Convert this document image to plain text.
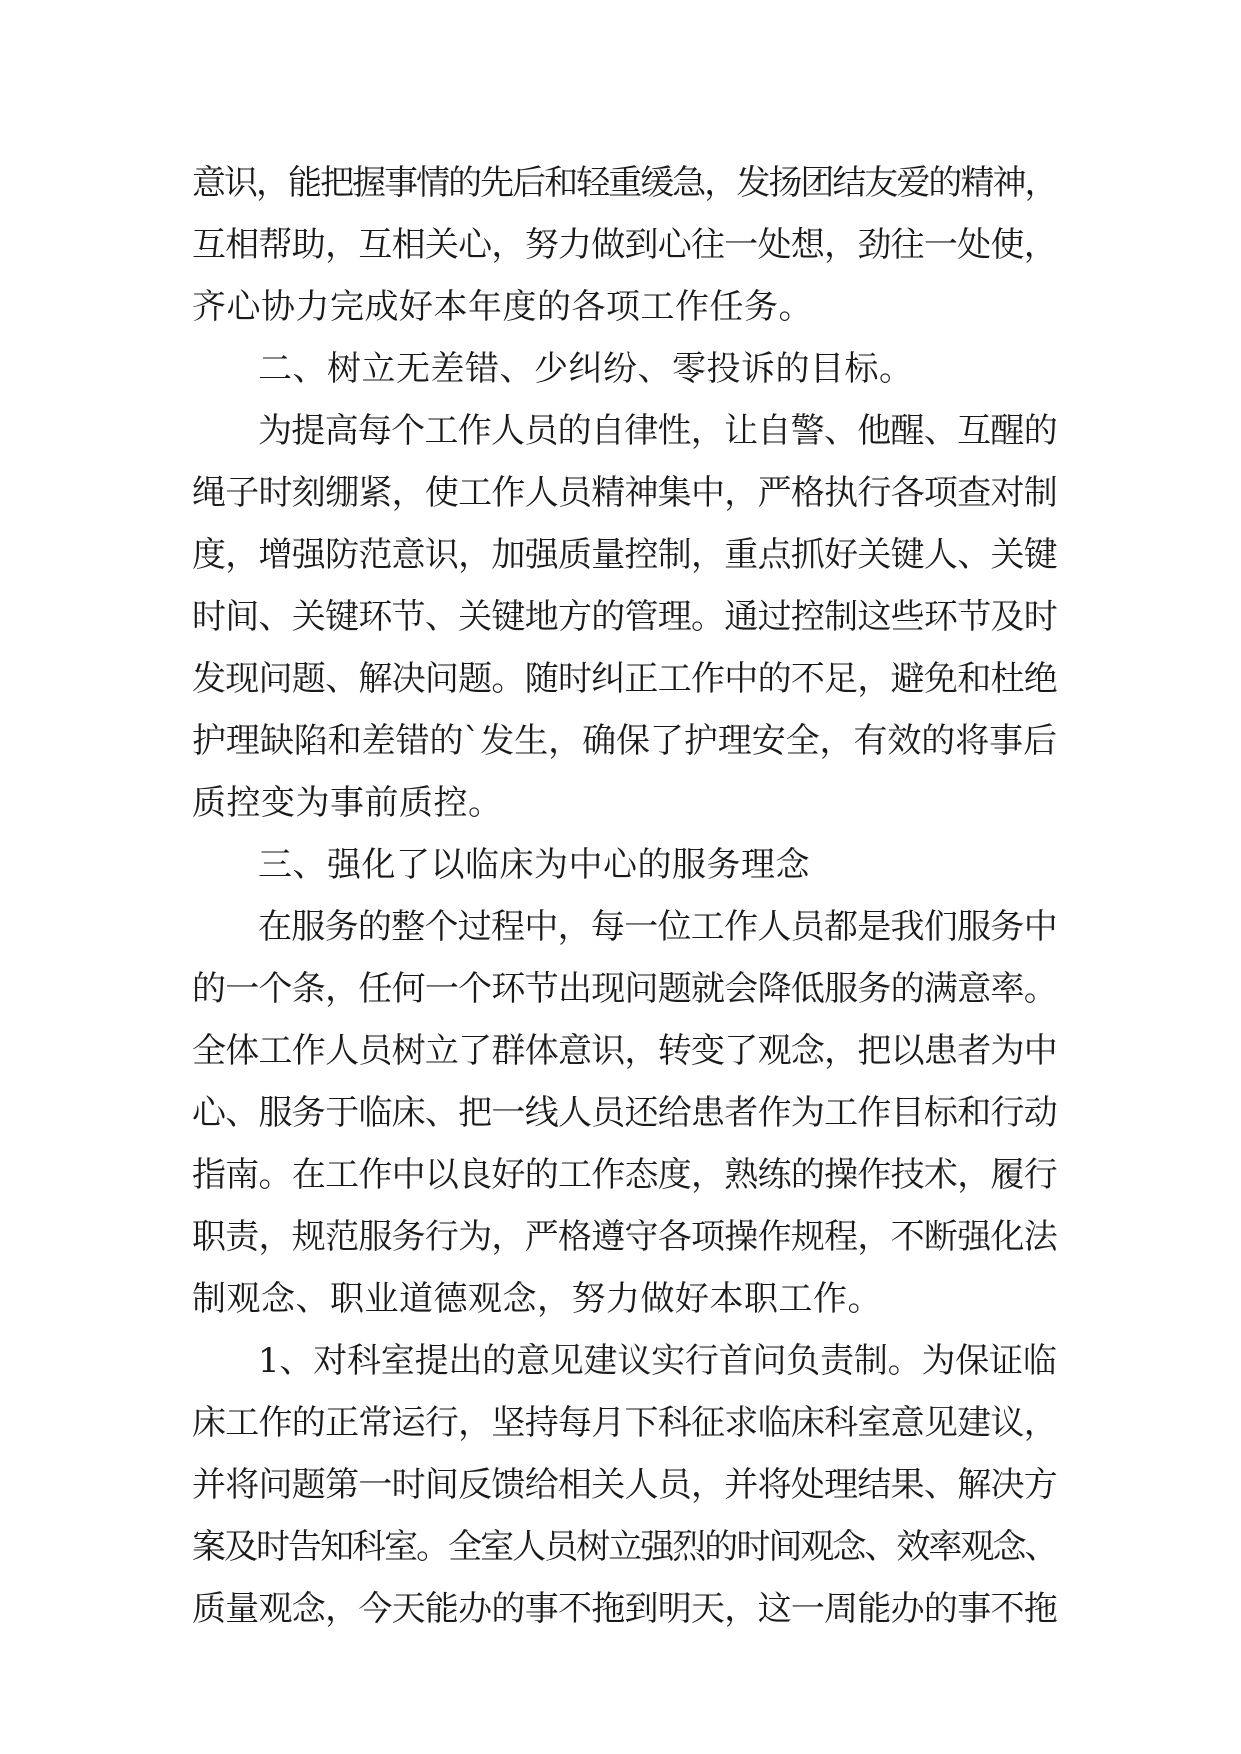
意识，能把握事情的先后和轻重缓急，发扬团结友爱的精神，
互相帮助，互相关心，努力做到心往一处想，劲往一处使，
齐心协力完成好本年度的各项工作任务。
二、树立无差错、少纠纷、零投诉的目标。
为提高每个工作人员的自律性，让自警、他醒、互醒的
绳子时刻绷紧，使工作人员精神集中，严格执行各项查对制
度，增强防范意识，加强质量控制，重点抓好关键人、关键
时间、关键环节、关键地方的管理。通过控制这些环节及时
发现问题、解决问题。随时纠正工作中的不足，避免和杜绝
护理缺陷和差错的`发生，确保了护理安全，有效的将事后
质控变为事前质控。
三、强化了以临床为中心的服务理念
在服务的整个过程中，每一位工作人员都是我们服务中
的一个条，任何一个环节出现问题就会降低服务的满意率。
全体工作人员树立了群体意识，转变了观念，把以患者为中
心、服务于临床、把一线人员还给患者作为工作目标和行动
指南。在工作中以良好的工作态度，熟练的操作技术，履行
职责，规范服务行为，严格遵守各项操作规程，不断强化法
制观念、职业道德观念，努力做好本职工作。
1、对科室提出的意见建议实行首问负责制。为保证临
床工作的正常运行，坚持每月下科征求临床科室意见建议，
并将问题第一时间反馈给相关人员，并将处理结果、解决方
案及时告知科室。全室人员树立强烈的时间观念、效率观念、
质量观念，今天能办的事不拖到明天，这一周能办的事不拖
